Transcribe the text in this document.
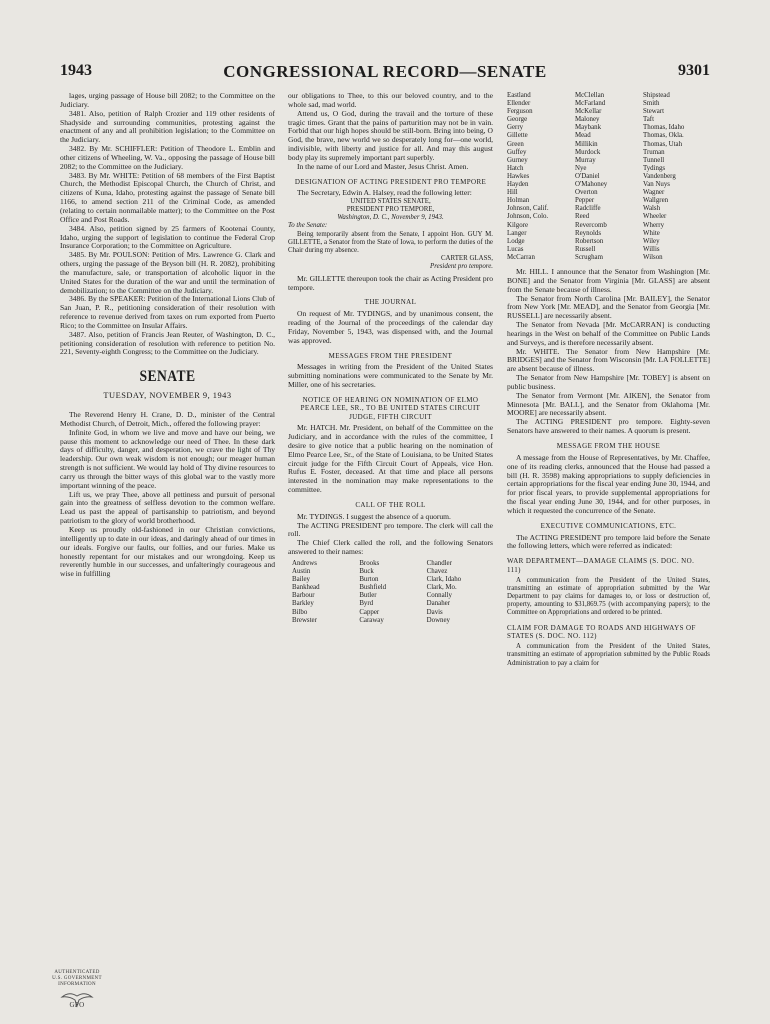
1943	CONGRESSIONAL RECORD—SENATE	9301

lages, urging passage of House bill 2082; to the Committee on the Judiciary.

3481. Also, petition of Ralph Crozier and 119 other residents of Shadyside and surrounding communities, protesting against the enactment of any and all prohibition legislation; to the Committee on the Judiciary.

3482. By Mr. SCHIFFLER: Petition of Theodore L. Emblin and other citizens of Wheeling, W. Va., opposing the passage of House bill 2082; to the Committee on the Judiciary.

3483. By Mr. WHITE: Petition of 68 members of the First Baptist Church, the Methodist Episcopal Church, the Church of Christ, and citizens of Kuna, Idaho, protesting against the passage of Senate bill 1166, to amend section 211 of the Criminal Code, as amended (relating to certain nonmailable matter); to the Committee on the Post Office and Post Roads.

3484. Also, petition signed by 25 farmers of Kootenai County, Idaho, urging the support of legislation to continue the Federal Crop Insurance Corporation; to the Committee on Agriculture.

3485. By Mr. POULSON: Petition of Mrs. Lawrence G. Clark and others, urging the passage of the Bryson bill (H. R. 2082), prohibiting the manufacture, sale, or transportation of alcoholic liquor in the United States for the duration of the war and until the termination of demobilization; to the Committee on the Judiciary.

3486. By the SPEAKER: Petition of the International Lions Club of San Juan, P. R., petitioning consideration of their resolution with reference to revenue derived from taxes on rum exported from Puerto Rico; to the Committee on Insular Affairs.

3487. Also, petition of Francis Jean Reuter, of Washington, D. C., petitioning consideration of resolution with reference to petition No. 221, Seventy-eighth Congress; to the Committee on the Judiciary.

SENATE
TUESDAY, NOVEMBER 9, 1943

The Reverend Henry H. Crane, D. D., minister of the Central Methodist Church, of Detroit, Mich., offered the following prayer:

Infinite God, in whom we live and move and have our being, we pause this moment to acknowledge our need of Thee. In these dark days of difficulty, danger, and desperation, we crave the light of Thy leadership. Our own weak wisdom is not enough; our meager human strength is not sufficient. We would lay hold of Thy divine resources to carry us through the bitter ways of this global war to the vastly more important winning of the peace.

Lift us, we pray Thee, above all pettiness and pursuit of personal gain into the greatness of selfless devotion to the common welfare. Lead us past the appeal of partisanship to patriotism, and beyond patriotism to the glory of world brotherhood.

Keep us proudly old-fashioned in our Christian convictions, intelligently up to date in our ideas, and daringly ahead of our times in our ideals. Forgive our faults, our follies, and our furies. Make us honestly repentant for our mistakes and our wrongdoing. Keep us reverently humble in our successes, and unfalteringly courageous and wise in fulfilling

our obligations to Thee, to this our beloved country, and to the whole sad, mad world.

Attend us, O God, during the travail and the torture of these tragic times. Grant that the pains of parturition may not be in vain. Forbid that our high hopes should be still-born. Bring into being, O God, the brave, new world we so desperately long for—one world, indivisible, with liberty and justice for all. And may this august body play its supremely important part superbly.

In the name of our Lord and Master, Jesus Christ. Amen.

DESIGNATION OF ACTING PRESIDENT PRO TEMPORE

The Secretary, Edwin A. Halsey, read the following letter:

UNITED STATES SENATE,
PRESIDENT PRO TEMPORE,
Washington, D. C., November 9, 1943.
To the Senate:

Being temporarily absent from the Senate, I appoint Hon. GUY M. GILLETTE, a Senator from the State of Iowa, to perform the duties of the Chair during my absence.

CARTER GLASS,
President pro tempore.

Mr. GILLETTE thereupon took the chair as Acting President pro tempore.

THE JOURNAL

On request of Mr. TYDINGS, and by unanimous consent, the reading of the Journal of the proceedings of the calendar day Friday, November 5, 1943, was dispensed with, and the Journal was approved.

MESSAGES FROM THE PRESIDENT

Messages in writing from the President of the United States submitting nominations were communicated to the Senate by Mr. Miller, one of his secretaries.

NOTICE OF HEARING ON NOMINATION OF ELMO PEARCE LEE, SR., TO BE UNITED STATES CIRCUIT JUDGE, FIFTH CIRCUIT

Mr. HATCH. Mr. President, on behalf of the Committee on the Judiciary, and in accordance with the rules of the committee, I desire to give notice that a public hearing on the nomination of Elmo Pearce Lee, Sr., of the State of Louisiana, to be United States circuit judge for the Fifth Circuit Court of Appeals, vice Hon. Rufus E. Foster, deceased. At that time and place all persons interested in the nomination may make representations to the committee.

CALL OF THE ROLL

Mr. TYDINGS. I suggest the absence of a quorum.

The ACTING PRESIDENT pro tempore. The clerk will call the roll.

The Chief Clerk called the roll, and the following Senators answered to their names:

Andrews
Austin
Bailey
Bankhead
Barbour
Barkley
Bilbo
Brewster
Brooks
Buck
Burton
Bushfield
Butler
Byrd
Capper
Caraway
Chandler
Chavez
Clark, Idaho
Clark, Mo.
Connally
Danaher
Davis
Downey
Eastland
Ellender
Ferguson
George
Gerry
Gillette
Green
Guffey
Gurney
Hatch
Hawkes
Hayden
Hill
Holman
Johnson, Calif.
Johnson, Colo.
Kilgore
Langer
Lodge
Lucas
McCarran
McClellan
McFarland
McKellar
Maloney
Maybank
Mead
Millikin
Murdock
Murray
Nye
O'Daniel
O'Mahoney
Overton
Pepper
Radcliffe
Reed
Revercomb
Reynolds
Robertson
Russell
Scrugham
Shipstead
Smith
Stewart
Taft
Thomas, Idaho
Thomas, Okla.
Thomas, Utah
Truman
Tunnell
Tydings
Vandenberg
Van Nuys
Wagner
Wallgren
Walsh
Wheeler
Wherry
White
Wiley
Willis
Wilson

Mr. HILL. I announce that the Senator from Washington [Mr. BONE] and the Senator from Virginia [Mr. GLASS] are absent from the Senate because of illness.

The Senator from North Carolina [Mr. BAILEY], the Senator from New York [Mr. MEAD], and the Senator from Georgia [Mr. RUSSELL] are necessarily absent.

The Senator from Nevada [Mr. McCARRAN] is conducting hearings in the West on behalf of the Committee on Public Lands and Surveys, and is therefore necessarily absent.

Mr. WHITE. The Senator from New Hampshire [Mr. BRIDGES] and the Senator from Wisconsin [Mr. LA FOLLETTE] are absent because of illness.

The Senator from New Hampshire [Mr. TOBEY] is absent on public business.

The Senator from Vermont [Mr. AIKEN], the Senator from Minnesota [Mr. BALL], and the Senator from Oklahoma [Mr. MOORE] are necessarily absent.

The ACTING PRESIDENT pro tempore. Eighty-seven Senators have answered to their names. A quorum is present.

MESSAGE FROM THE HOUSE

A message from the House of Representatives, by Mr. Chaffee, one of its reading clerks, announced that the House had passed a bill (H. R. 3598) making appropriations to supply deficiencies in certain appropriations for the fiscal year ending June 30, 1944, and for prior fiscal years, to provide supplemental appropriations for the fiscal year ending June 30, 1944, and for other purposes, in which it requested the concurrence of the Senate.

EXECUTIVE COMMUNICATIONS, ETC.

The ACTING PRESIDENT pro tempore laid before the Senate the following letters, which were referred as indicated:

WAR DEPARTMENT—DAMAGE CLAIMS (S. DOC. NO. 111)

A communication from the President of the United States, transmitting an estimate of appropriation submitted by the War Department to pay claims for damages to, or loss or destruction of, property, amounting to $31,869.75 (with accompanying papers); to the Committee on Appropriations and ordered to be printed.

CLAIM FOR DAMAGE TO ROADS AND HIGHWAYS OF STATES (S. DOC. NO. 112)

A communication from the President of the United States, transmitting an estimate of appropriation submitted by the Public Roads Administration to pay a claim for

AUTHENTICATED
U.S. GOVERNMENT
INFORMATION
GPO
